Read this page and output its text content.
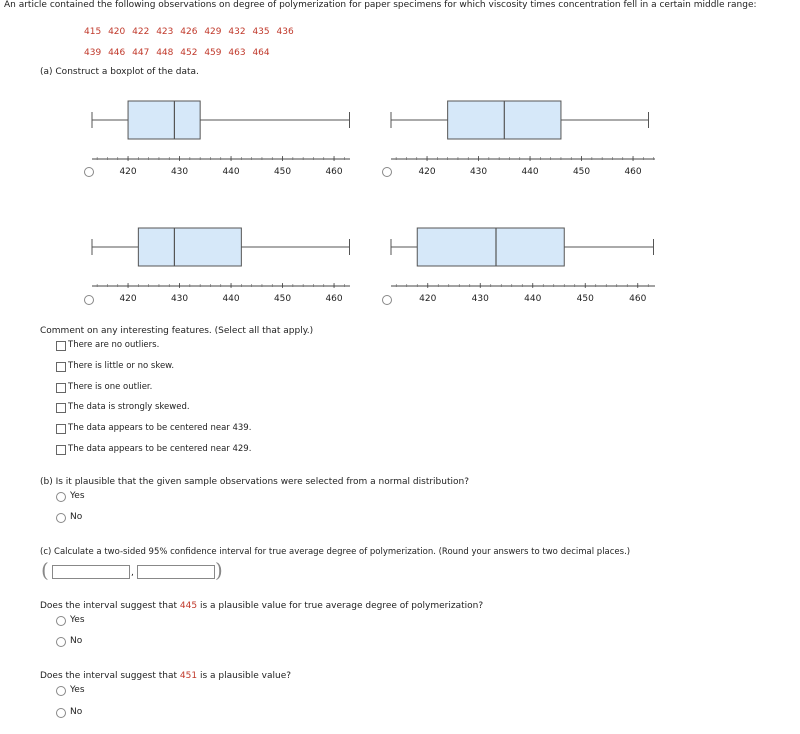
An article contained the following observations on degree of polymerization for paper specimens for which viscosity times concentration fell in a certain middle range:
415 420 422 423 426 429 432 435 436
439 446 447 448 452 459 463 464
(a) Construct a boxplot of the data.
420	430	440	450	460	420	430	440	450	460
420	430	440	450	460	420	430	440	450	460
Comment on any interesting features. (Select all that apply.)
There are no outliers.
There is little or no skew.
There is one outlier.
The data is strongly skewed.
The data appears to be centered near 439.
The data appears to be centered near 429.
(b) Is it plausible that the given sample observations were selected from a normal distribution?
Yes
No
(c) Calculate a two-sided 95% confidence interval for true average degree of polymerization. (Round your answers to two decimal places.)
(	,	)
Does the interval suggest that 445 is a plausible value for true average degree of polymerization?
Yes
No
Does the interval suggest that 451 is a plausible value?
Yes
No
